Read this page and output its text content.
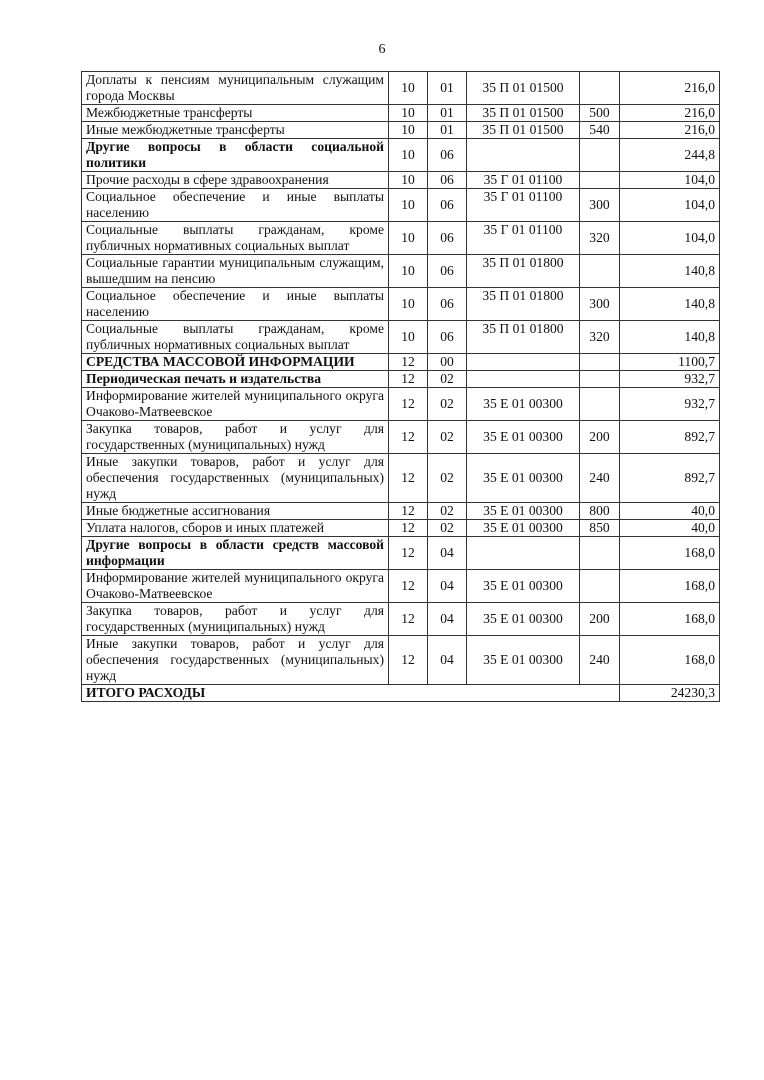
6
Доплаты к пенсиям муниципальным служащим города Москвы	10	01	35 П 01 01500		216,0
Межбюджетные трансферты	10	01	35 П 01 01500	500	216,0
Иные межбюджетные трансферты	10	01	35 П 01 01500	540	216,0
Другие вопросы в области социальной политики	10	06			244,8
Прочие расходы в сфере здравоохранения	10	06	35 Г 01 01100		104,0
Социальное обеспечение и иные выплаты населению	10	06	35 Г 01 01100	300	104,0
Социальные выплаты гражданам, кроме публичных нормативных социальных выплат	10	06	35 Г 01 01100	320	104,0
Социальные гарантии муниципальным служащим, вышедшим на пенсию	10	06	35 П 01 01800		140,8
Социальное обеспечение и иные выплаты населению	10	06	35 П 01 01800	300	140,8
Социальные выплаты гражданам, кроме публичных нормативных социальных выплат	10	06	35 П 01 01800	320	140,8
СРЕДСТВА МАССОВОЙ ИНФОРМАЦИИ	12	00			1100,7
Периодическая печать и издательства	12	02			932,7
Информирование жителей муниципального округа Очаково-Матвеевское	12	02	35 Е 01 00300		932,7
Закупка товаров, работ и услуг для государственных (муниципальных) нужд	12	02	35 Е 01 00300	200	892,7
Иные закупки товаров, работ и услуг для обеспечения государственных (муниципальных) нужд	12	02	35 Е 01 00300	240	892,7
Иные бюджетные ассигнования	12	02	35 Е 01 00300	800	40,0
Уплата налогов, сборов и иных платежей	12	02	35 Е 01 00300	850	40,0
Другие вопросы в области средств массовой информации	12	04			168,0
Информирование жителей муниципального округа Очаково-Матвеевское	12	04	35 Е 01 00300		168,0
Закупка товаров, работ и услуг для государственных (муниципальных) нужд	12	04	35 Е 01 00300	200	168,0
Иные закупки товаров, работ и услуг для обеспечения государственных (муниципальных) нужд	12	04	35 Е 01 00300	240	168,0
ИТОГО РАСХОДЫ					24230,3
